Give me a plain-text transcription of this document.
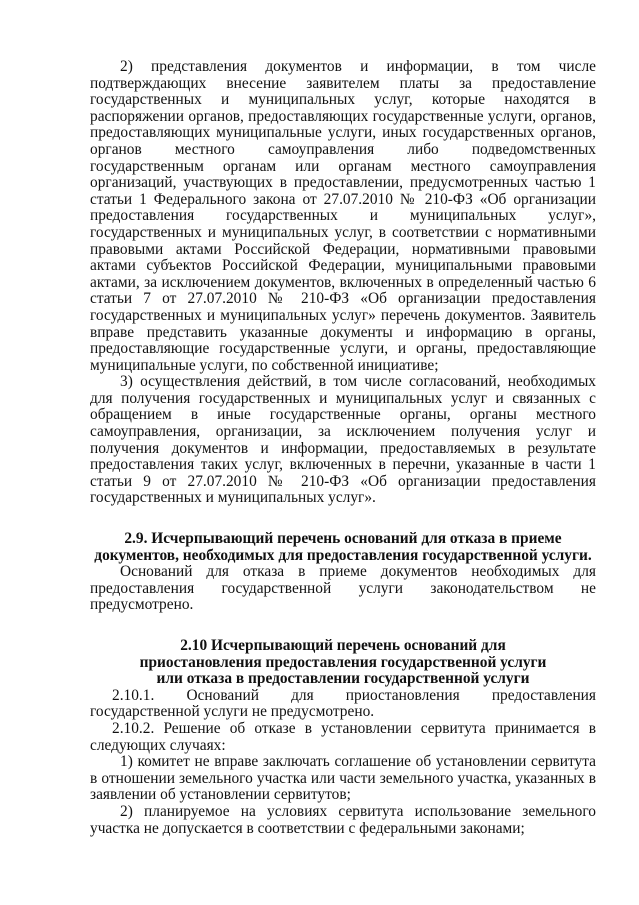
2) представления документов и информации, в том числе подтверждающих внесение заявителем платы за предоставление государственных и муниципальных услуг, которые находятся в распоряжении органов, предоставляющих государственные услуги, органов, предоставляющих муниципальные услуги, иных государственных органов, органов местного самоуправления либо подведомственных государственным органам или органам местного самоуправления организаций, участвующих в предоставлении, предусмотренных частью 1 статьи 1 Федерального закона от 27.07.2010 № 210-ФЗ «Об организации предоставления государственных и муниципальных услуг», государственных и муниципальных услуг, в соответствии с нормативными правовыми актами Российской Федерации, нормативными правовыми актами субъектов Российской Федерации, муниципальными правовыми актами, за исключением документов, включенных в определенный частью 6 статьи 7 от 27.07.2010 № 210-ФЗ «Об организации предоставления государственных и муниципальных услуг» перечень документов. Заявитель вправе представить указанные документы и информацию в органы, предоставляющие государственные услуги, и органы, предоставляющие муниципальные услуги, по собственной инициативе;

3) осуществления действий, в том числе согласований, необходимых для получения государственных и муниципальных услуг и связанных с обращением в иные государственные органы, органы местного самоуправления, организации, за исключением получения услуг и получения документов и информации, предоставляемых в результате предоставления таких услуг, включенных в перечни, указанные в части 1 статьи 9 от 27.07.2010 № 210-ФЗ «Об организации предоставления государственных и муниципальных услуг».

2.9. Исчерпывающий перечень оснований для отказа в приеме
документов, необходимых для предоставления государственной услуги.

Оснований для отказа в приеме документов необходимых для предоставления государственной услуги законодательством не предусмотрено.

2.10 Исчерпывающий перечень оснований для
приостановления предоставления государственной услуги
или отказа в предоставлении государственной услуги

2.10.1. Оснований для приостановления предоставления государственной услуги не предусмотрено.

2.10.2. Решение об отказе в установлении сервитута принимается в следующих случаях:

1) комитет не вправе заключать соглашение об установлении сервитута в отношении земельного участка или части земельного участка, указанных в заявлении об установлении сервитутов;

2) планируемое на условиях сервитута использование земельного участка не допускается в соответствии с федеральными законами;
